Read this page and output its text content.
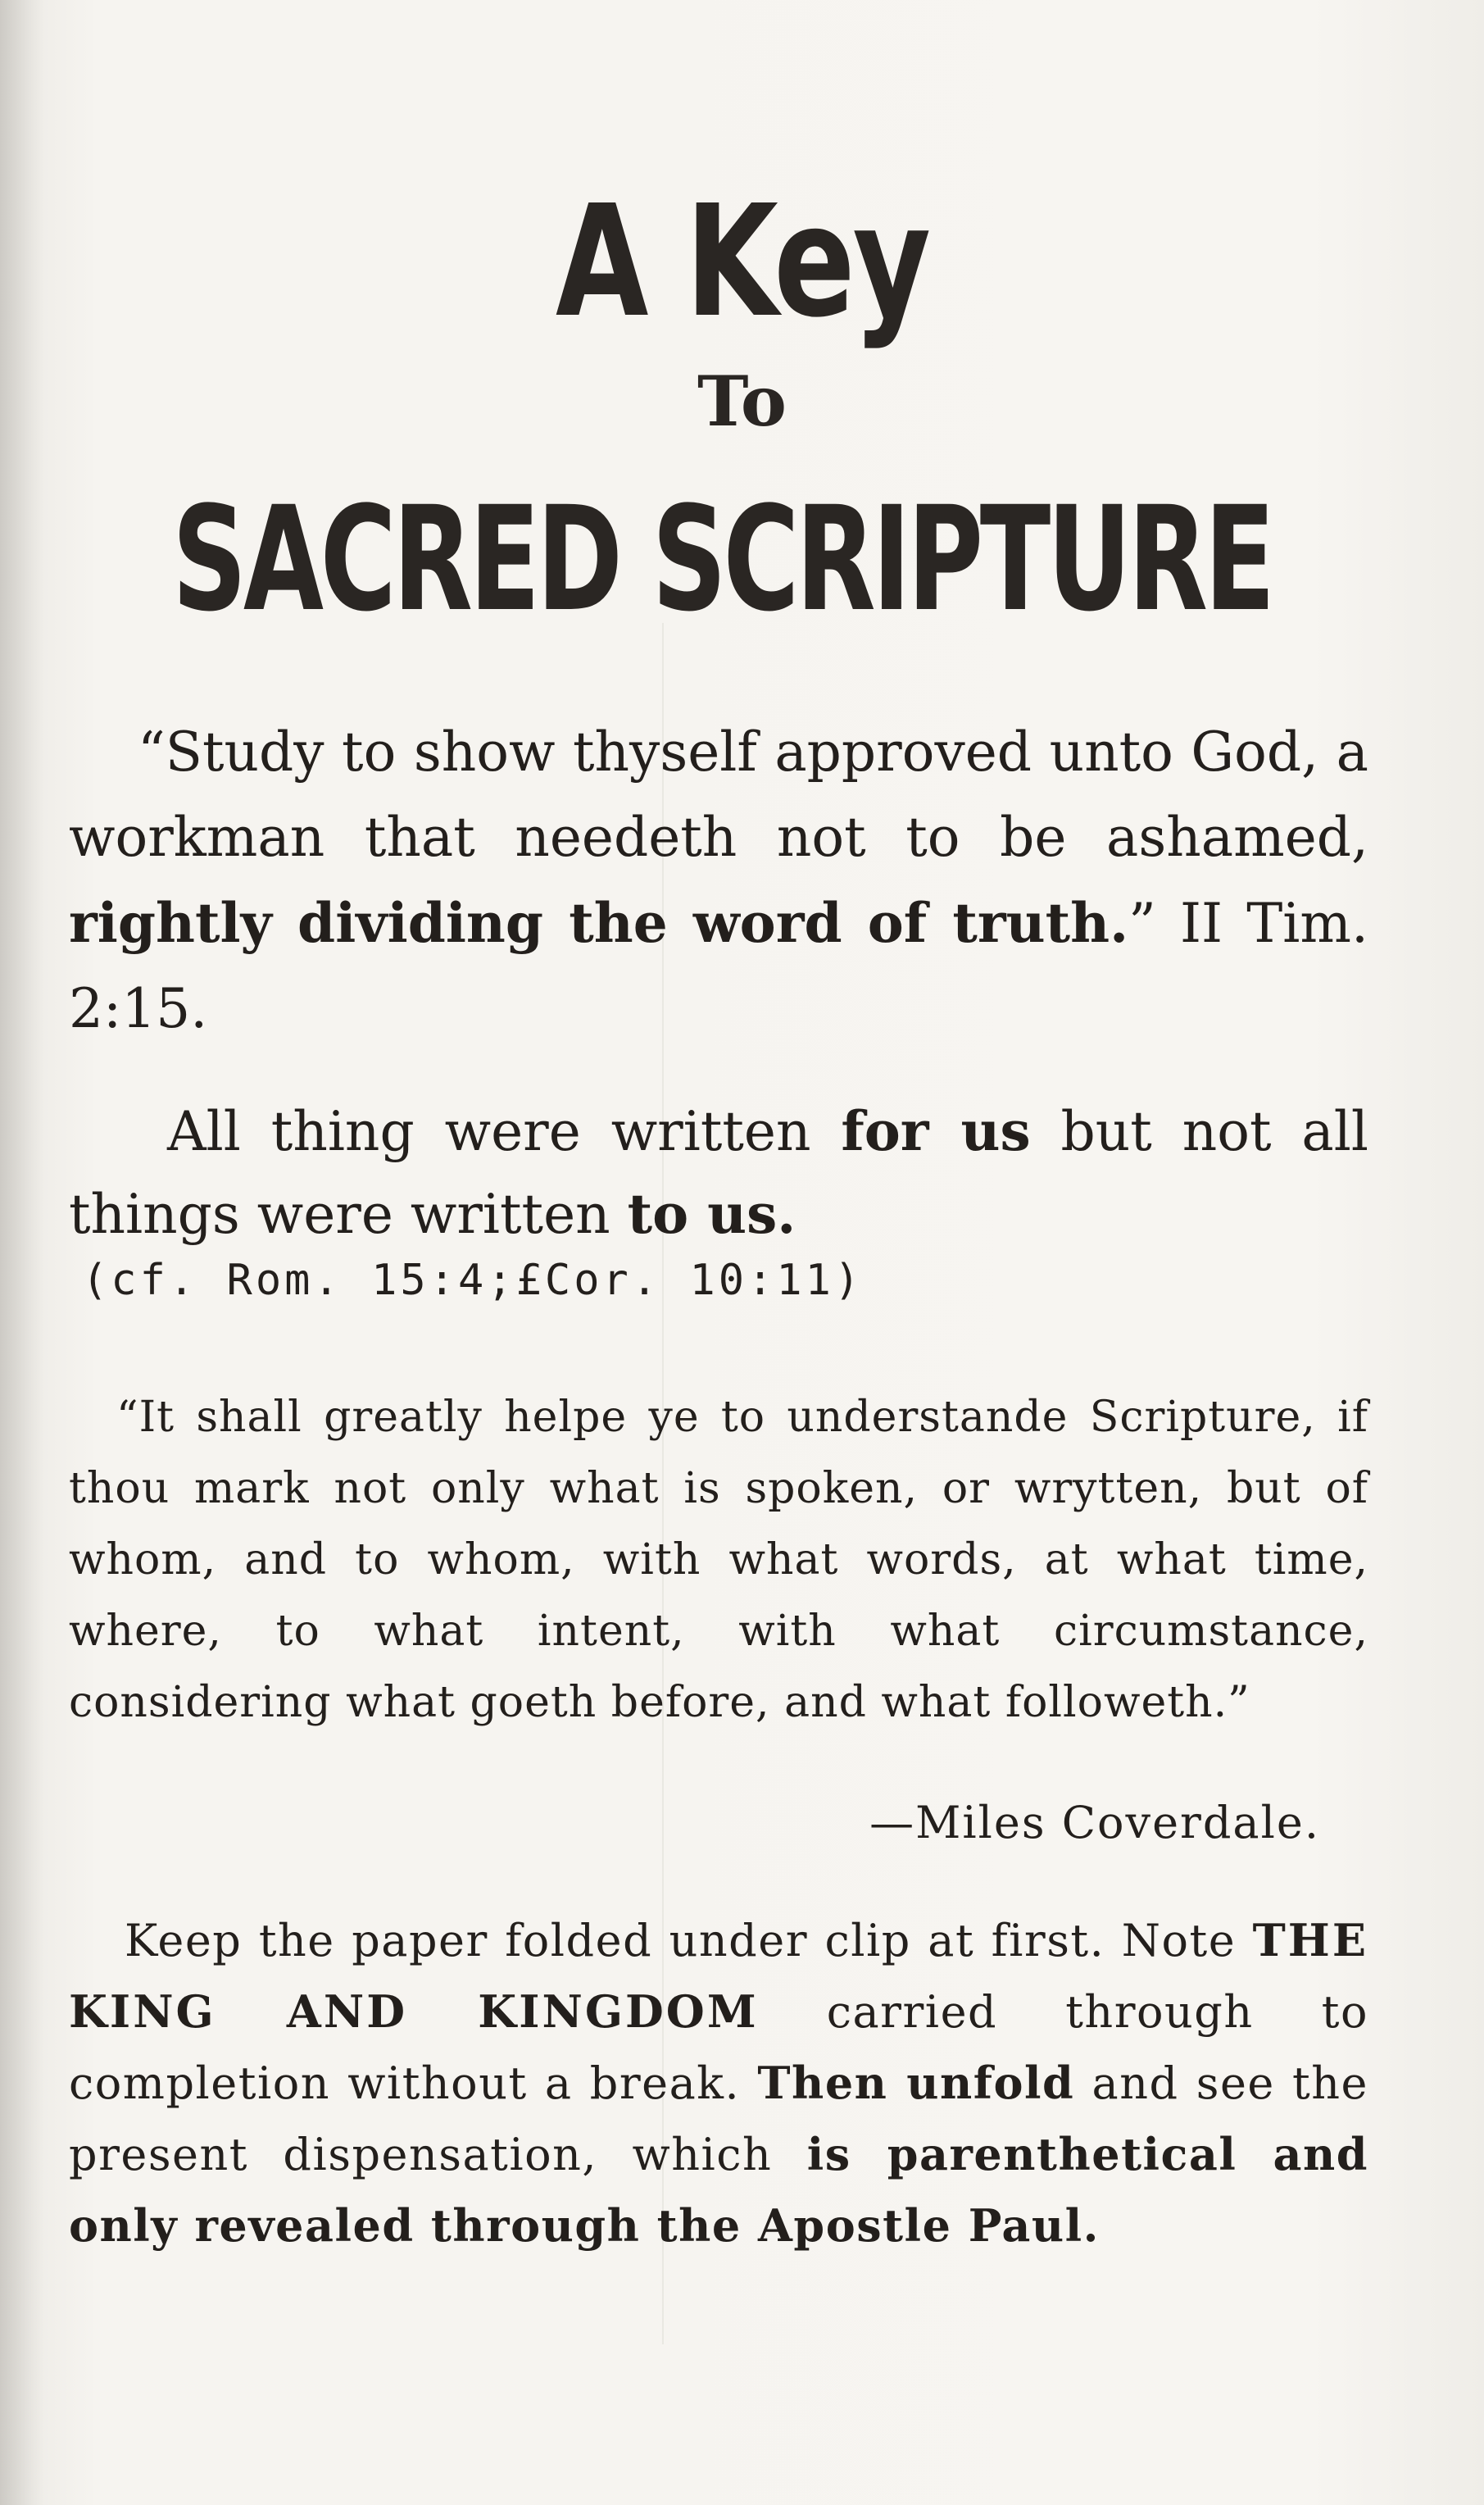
A Key
To
SACRED SCRIPTURE
“Study to show thyself approved unto God, a workman that needeth not to be ashamed, rightly dividing the word of truth.” II Tim. 2:15.
All thing were written for us but not all things were written to us.
(cf. Rom. 15:4;£Cor. 10:11)
“It shall greatly helpe ye to understande Scripture, if thou mark not only what is spoken, or wrytten, but of whom, and to whom, with what words, at what time, where, to what intent, with what circumstance, considering what goeth before, and what followeth.”
—Miles Coverdale.
Keep the paper folded under clip at first. Note THE KING AND KINGDOM carried through to completion without a break. Then unfold and see the present dispensation, which is parenthetical and only revealed through the Apostle Paul.
